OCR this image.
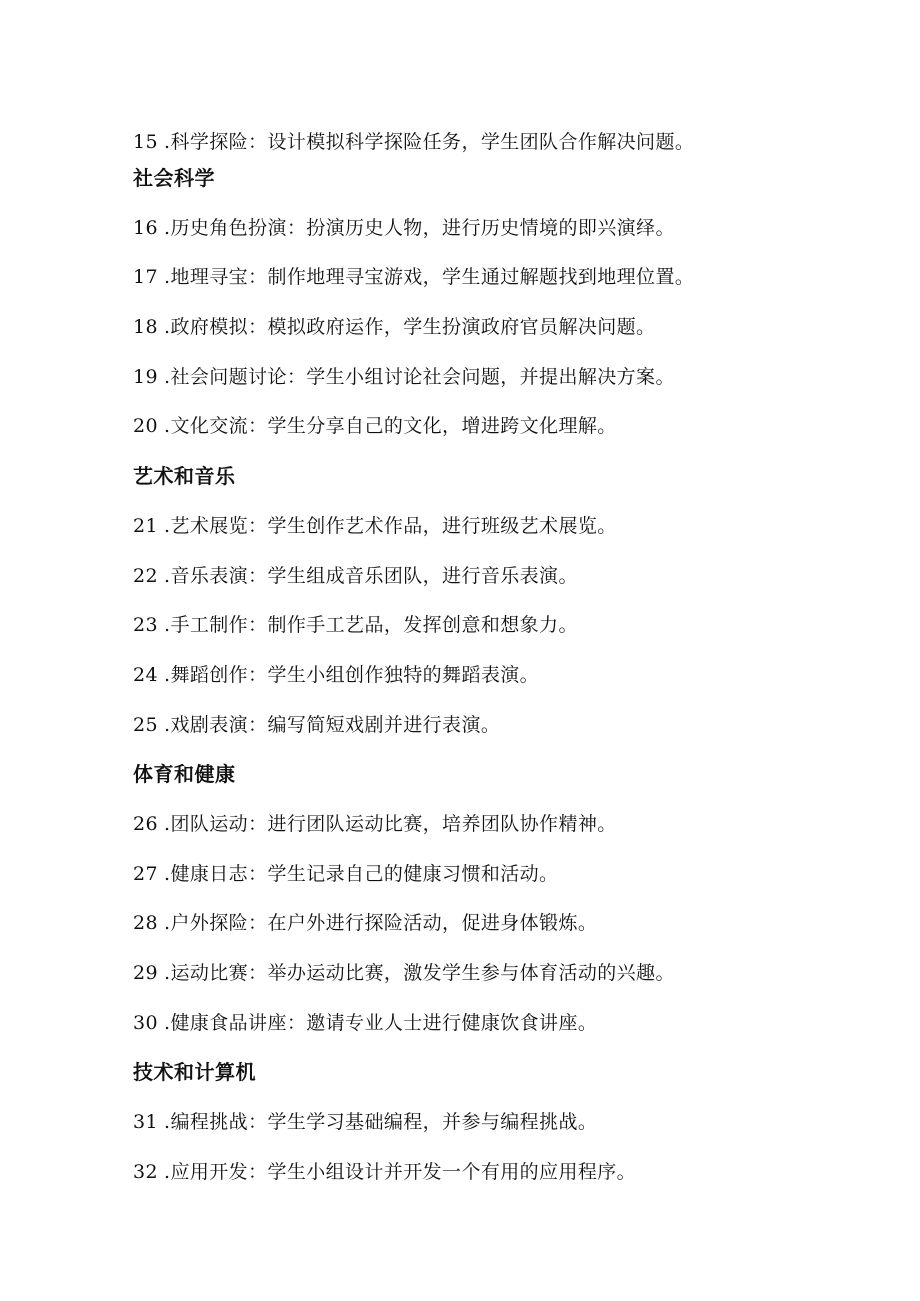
15 .科学探险：设计模拟科学探险任务，学生团队合作解决问题。
社会科学
16 .历史角色扮演：扮演历史人物，进行历史情境的即兴演绎。
17 .地理寻宝：制作地理寻宝游戏，学生通过解题找到地理位置。
18 .政府模拟：模拟政府运作，学生扮演政府官员解决问题。
19 .社会问题讨论：学生小组讨论社会问题，并提出解决方案。
20 .文化交流：学生分享自己的文化，增进跨文化理解。
艺术和音乐
21 .艺术展览：学生创作艺术作品，进行班级艺术展览。
22 .音乐表演：学生组成音乐团队，进行音乐表演。
23 .手工制作：制作手工艺品，发挥创意和想象力。
24 .舞蹈创作：学生小组创作独特的舞蹈表演。
25 .戏剧表演：编写简短戏剧并进行表演。
体育和健康
26 .团队运动：进行团队运动比赛，培养团队协作精神。
27 .健康日志：学生记录自己的健康习惯和活动。
28 .户外探险：在户外进行探险活动，促进身体锻炼。
29 .运动比赛：举办运动比赛，激发学生参与体育活动的兴趣。
30 .健康食品讲座：邀请专业人士进行健康饮食讲座。
技术和计算机
31 .编程挑战：学生学习基础编程，并参与编程挑战。
32 .应用开发：学生小组设计并开发一个有用的应用程序。
